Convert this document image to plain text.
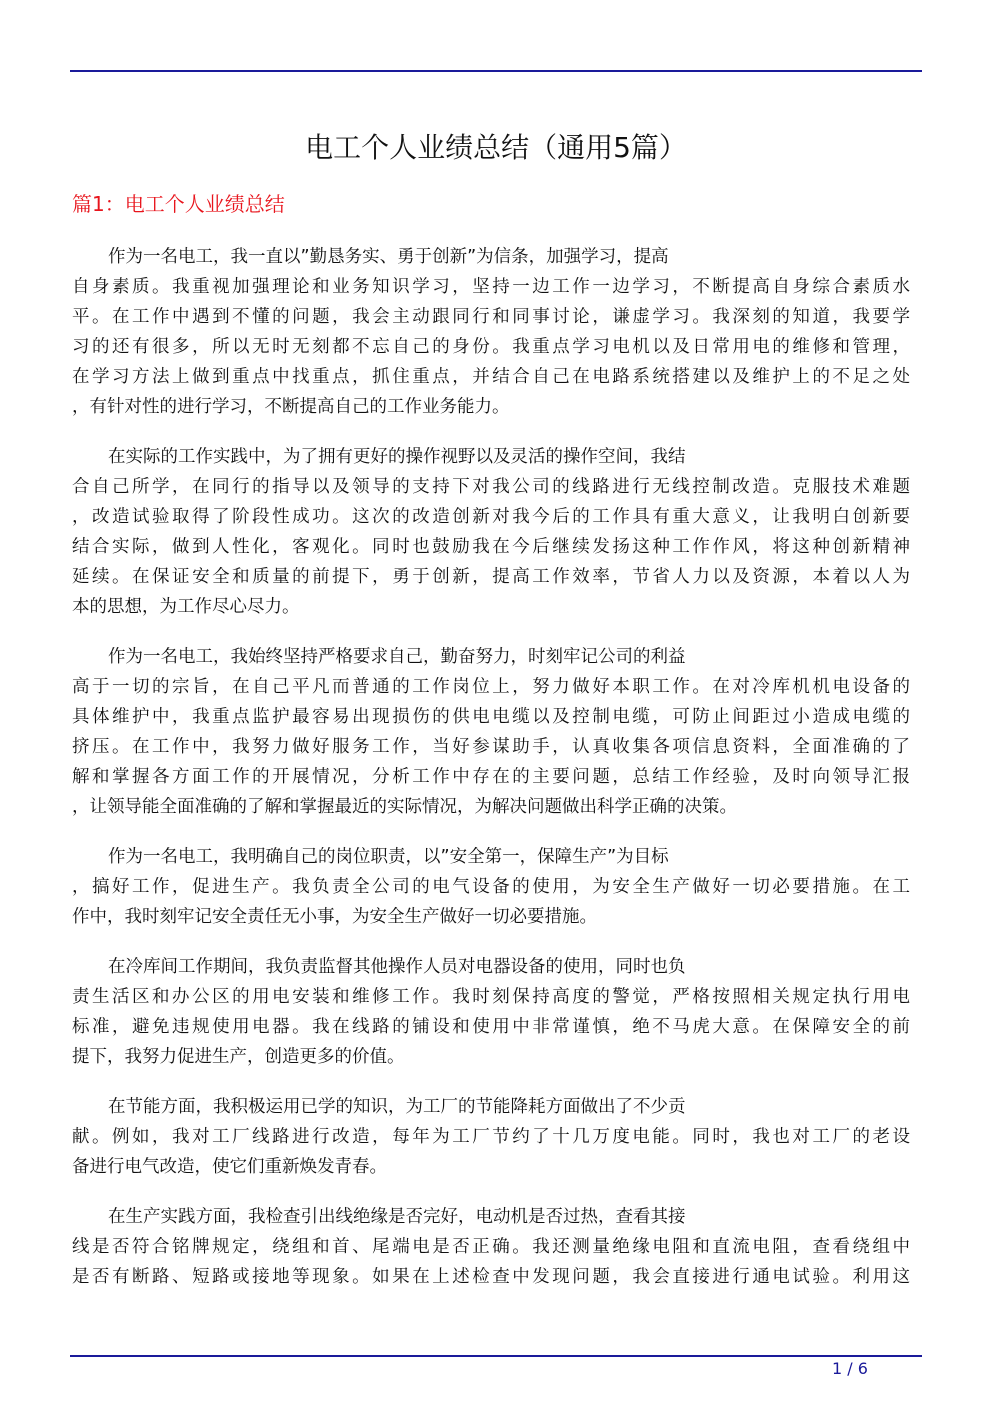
电工个人业绩总结（通用5篇）
篇1：电工个人业绩总结
作为一名电工，我一直以”勤恳务实、勇于创新”为信条，加强学习，提高
自身素质。我重视加强理论和业务知识学习，坚持一边工作一边学习，不断提高自身综合素质水
平。在工作中遇到不懂的问题，我会主动跟同行和同事讨论，谦虚学习。我深刻的知道，我要学
习的还有很多，所以无时无刻都不忘自己的身份。我重点学习电机以及日常用电的维修和管理，
在学习方法上做到重点中找重点，抓住重点，并结合自己在电路系统搭建以及维护上的不足之处
，有针对性的进行学习，不断提高自己的工作业务能力。
在实际的工作实践中，为了拥有更好的操作视野以及灵活的操作空间，我结
合自己所学，在同行的指导以及领导的支持下对我公司的线路进行无线控制改造。克服技术难题
，改造试验取得了阶段性成功。这次的改造创新对我今后的工作具有重大意义，让我明白创新要
结合实际，做到人性化，客观化。同时也鼓励我在今后继续发扬这种工作作风，将这种创新精神
延续。在保证安全和质量的前提下，勇于创新，提高工作效率，节省人力以及资源，本着以人为
本的思想，为工作尽心尽力。
作为一名电工，我始终坚持严格要求自己，勤奋努力，时刻牢记公司的利益
高于一切的宗旨，在自己平凡而普通的工作岗位上，努力做好本职工作。在对冷库机机电设备的
具体维护中，我重点监护最容易出现损伤的供电电缆以及控制电缆，可防止间距过小造成电缆的
挤压。在工作中，我努力做好服务工作，当好参谋助手，认真收集各项信息资料，全面准确的了
解和掌握各方面工作的开展情况，分析工作中存在的主要问题，总结工作经验，及时向领导汇报
，让领导能全面准确的了解和掌握最近的实际情况，为解决问题做出科学正确的决策。
作为一名电工，我明确自己的岗位职责，以”安全第一，保障生产”为目标
，搞好工作，促进生产。我负责全公司的电气设备的使用，为安全生产做好一切必要措施。在工
作中，我时刻牢记安全责任无小事，为安全生产做好一切必要措施。
在冷库间工作期间，我负责监督其他操作人员对电器设备的使用，同时也负
责生活区和办公区的用电安装和维修工作。我时刻保持高度的警觉，严格按照相关规定执行用电
标准，避免违规使用电器。我在线路的铺设和使用中非常谨慎，绝不马虎大意。在保障安全的前
提下，我努力促进生产，创造更多的价值。
在节能方面，我积极运用已学的知识，为工厂的节能降耗方面做出了不少贡
献。例如，我对工厂线路进行改造，每年为工厂节约了十几万度电能。同时，我也对工厂的老设
备进行电气改造，使它们重新焕发青春。
在生产实践方面，我检查引出线绝缘是否完好，电动机是否过热，查看其接
线是否符合铭牌规定，绕组和首、尾端电是否正确。我还测量绝缘电阻和直流电阻，查看绕组中
是否有断路、短路或接地等现象。如果在上述检查中发现问题，我会直接进行通电试验。利用这
1 / 6
